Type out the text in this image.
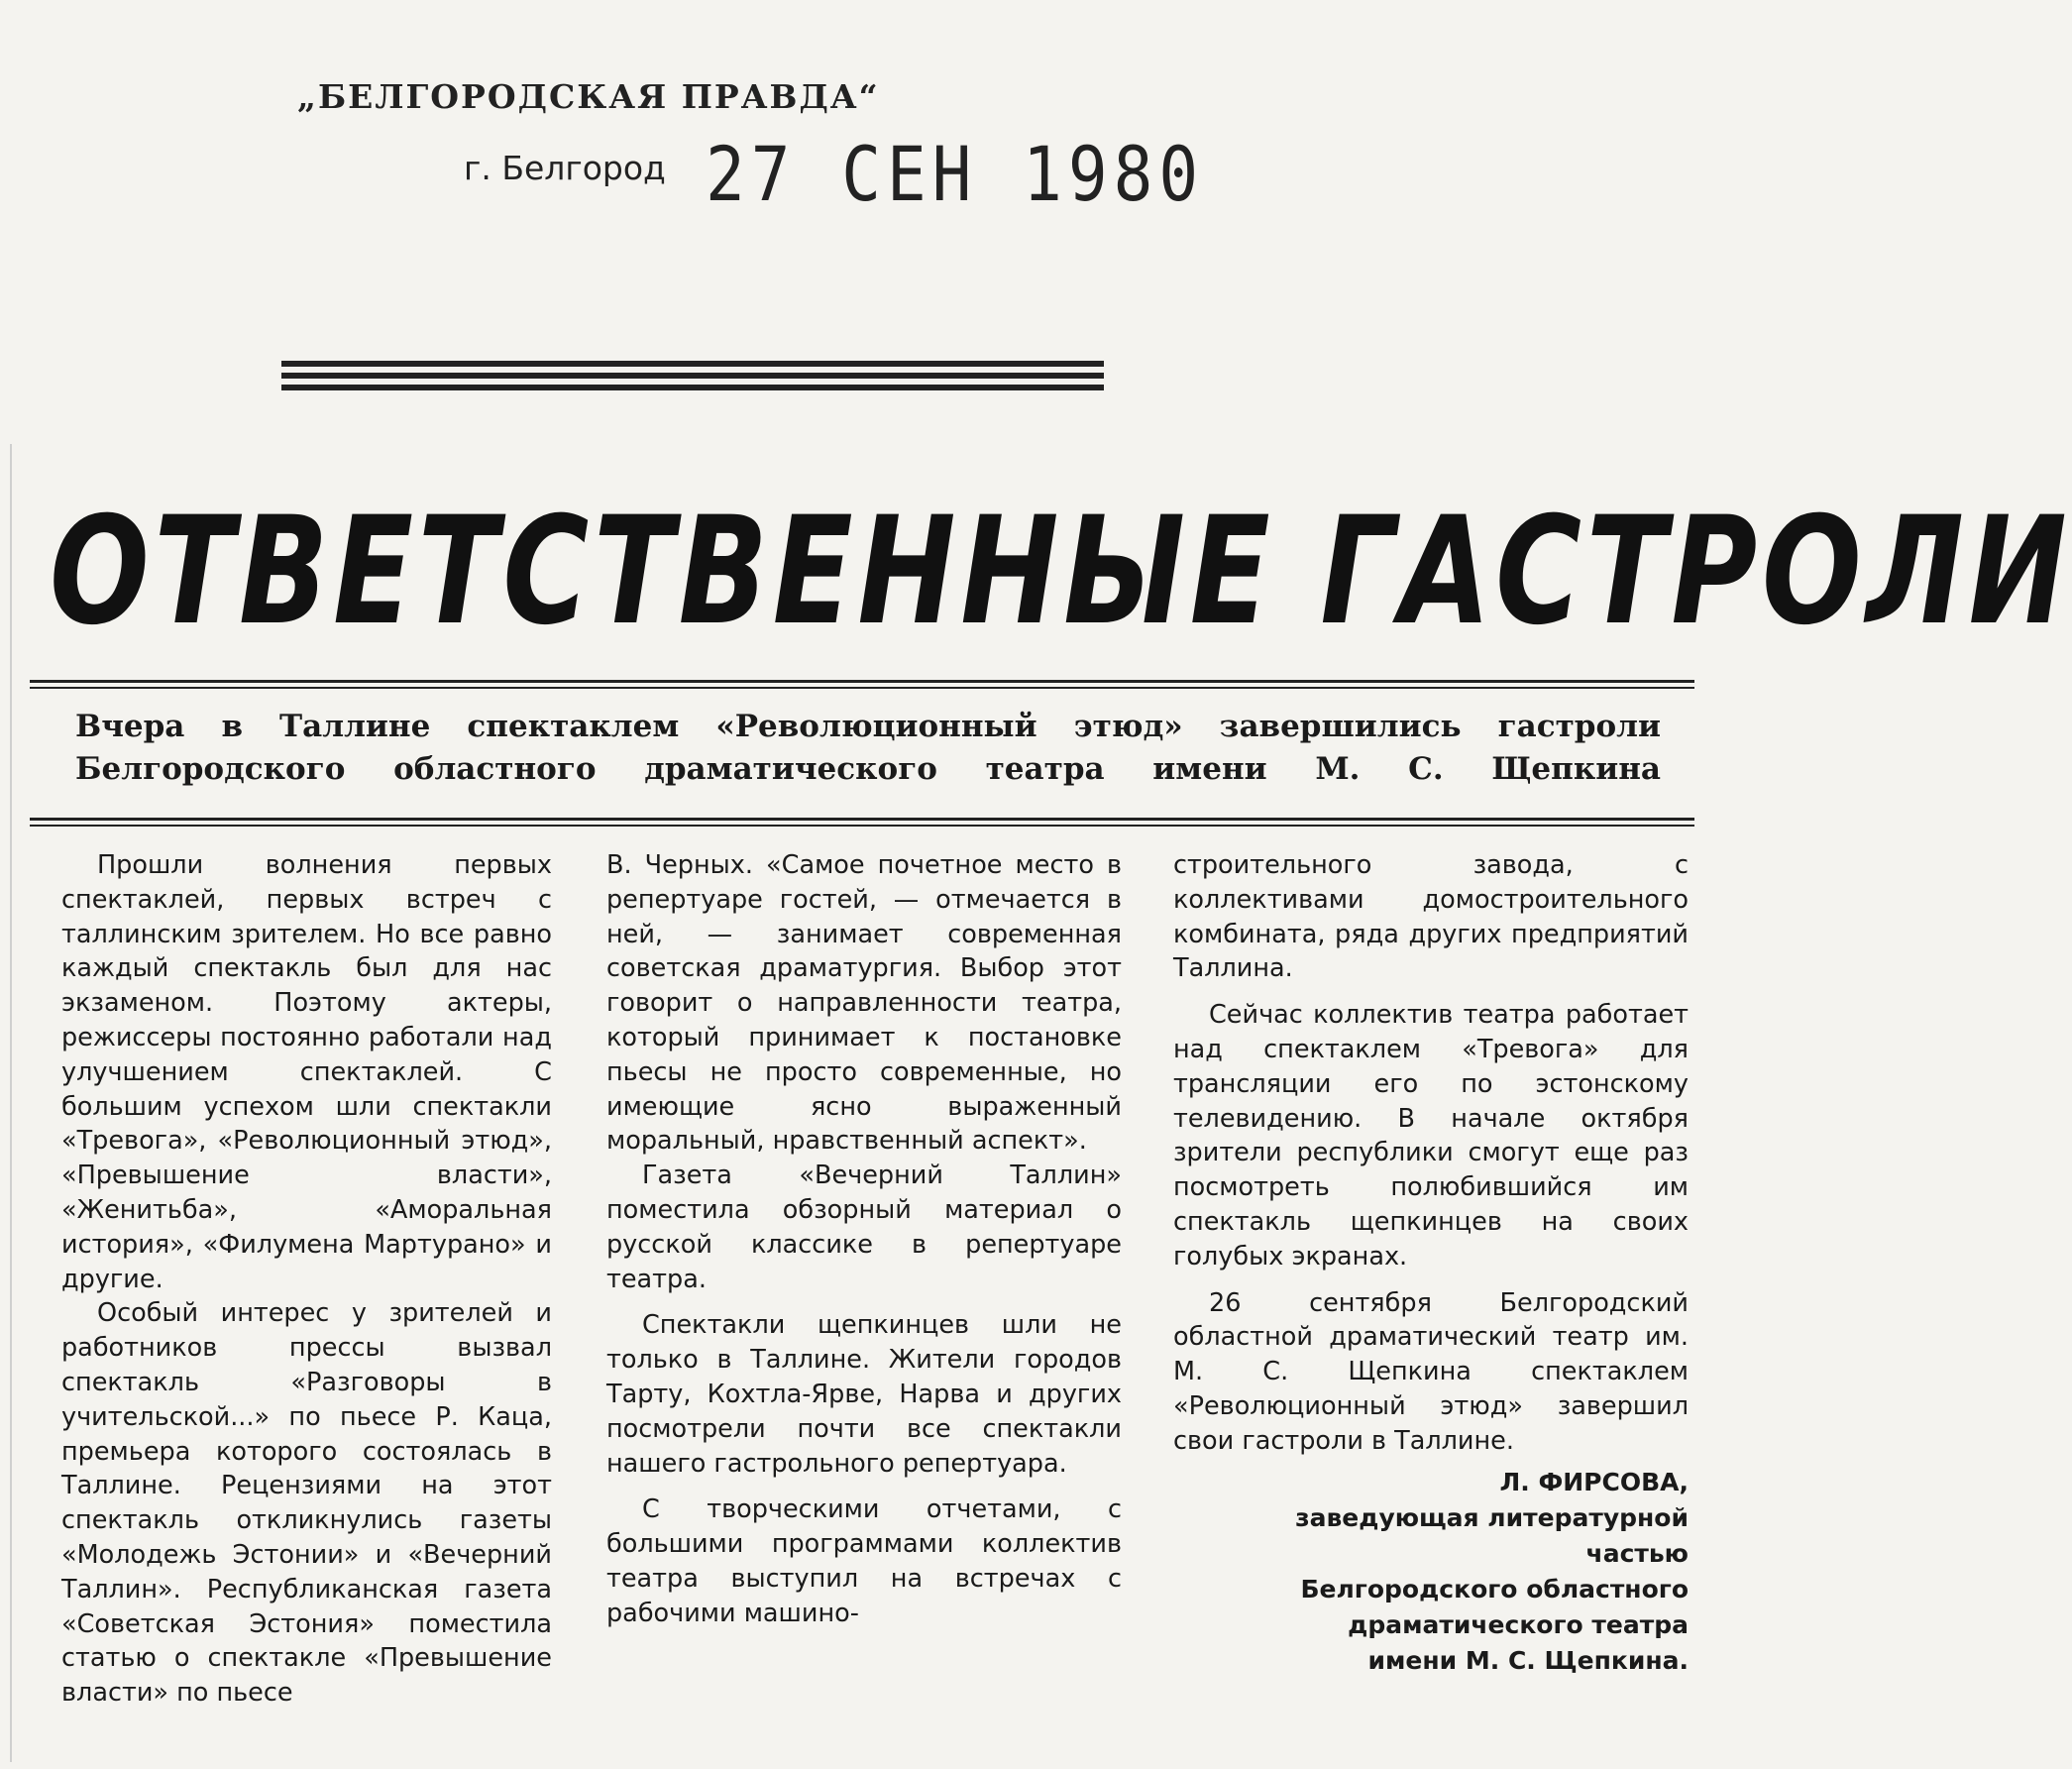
„БЕЛГОРОДСКАЯ ПРАВДА“
г. Белгород 27 СЕН 1980
ОТВЕТСТВЕННЫЕ ГАСТРОЛИ

Вчера в Таллине спектаклем «Революционный этюд» завершились гастроли

Белгородского областного драматического театра имени М. С. Щепкина

Прошли волнения первых спектаклей, первых встреч с таллинским зрителем. Но все равно каждый спектакль был для нас экзаменом. Поэтому актеры, режиссеры постоянно работали над улучшением спектаклей. С большим успехом шли спектакли «Тревога», «Революционный этюд», «Превышение власти», «Женитьба», «Аморальная история», «Филумена Мартурано» и другие.

Особый интерес у зрителей и работников прессы вызвал спектакль «Разговоры в учительской...» по пьесе Р. Каца, премьера которого состоялась в Таллине. Рецензиями на этот спектакль откликнулись газеты «Молодежь Эстонии» и «Вечерний Таллин». Республиканская газета «Советская Эстония» поместила статью о спектакле «Превышение власти» по пьесе

В. Черных. «Самое почетное место в репертуаре гостей, — отмечается в ней, — занимает современная советская драматургия. Выбор этот говорит о направленности театра, который принимает к постановке пьесы не просто современные, но имеющие ясно выраженный моральный, нравственный аспект».

Газета «Вечерний Таллин» поместила обзорный материал о русской классике в репертуаре театра.

Спектакли щепкинцев шли не только в Таллине. Жители городов Тарту, Кохтла-Ярве, Нарва и других посмотрели почти все спектакли нашего гастрольного репертуара.

С творческими отчетами, с большими программами коллектив театра выступил на встречах с рабочими машино-

строительного завода, с коллективами домостроительного комбината, ряда других предприятий Таллина.

Сейчас коллектив театра работает над спектаклем «Тревога» для трансляции его по эстонскому телевидению. В начале октября зрители республики смогут еще раз посмотреть полюбившийся им спектакль щепкинцев на своих голубых экранах.

26 сентября Белгородский областной драматический театр им. М. С. Щепкина спектаклем «Революционный этюд» завершил свои гастроли в Таллине.

Л. ФИРСОВА,
заведующая литературной
частью
Белгородского областного
драматического театра
имени М. С. Щепкина.
